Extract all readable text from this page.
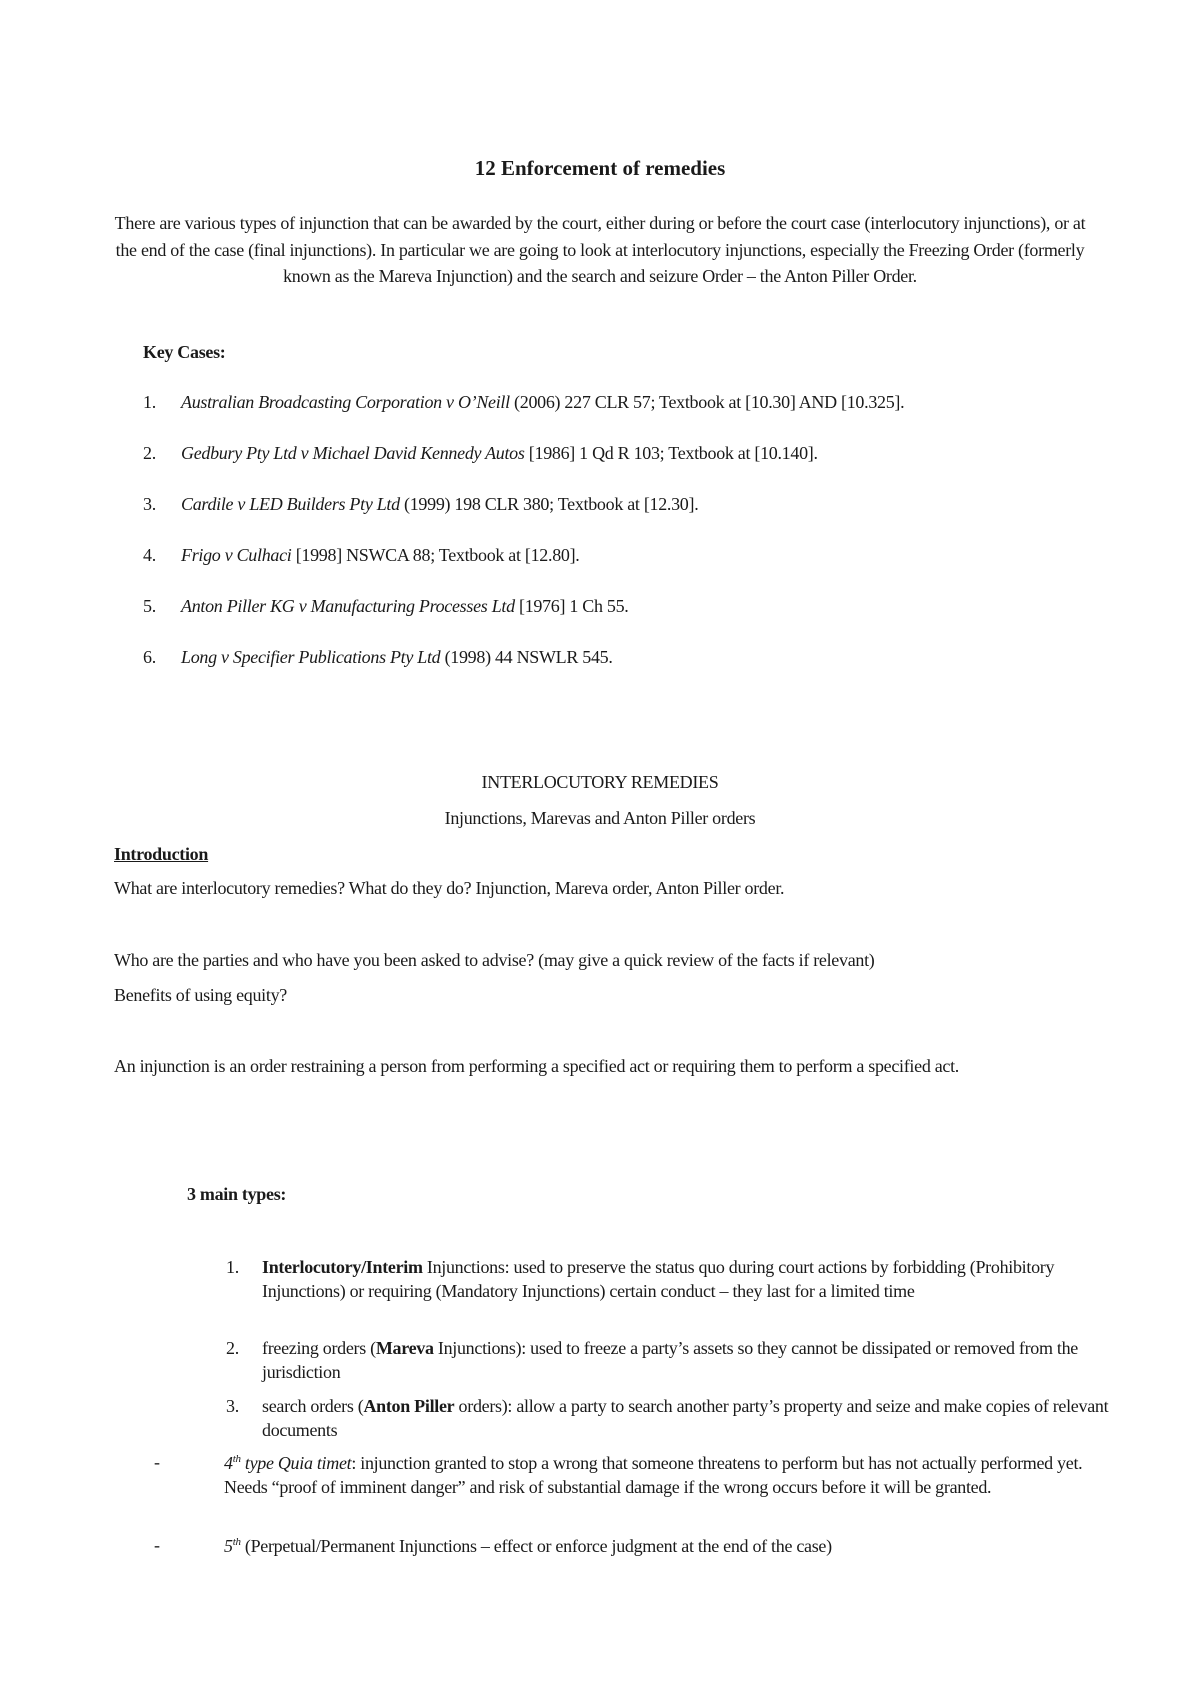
12 Enforcement of remedies
There are various types of injunction that can be awarded by the court, either during or before the court case (interlocutory injunctions), or at the end of the case (final injunctions). In particular we are going to look at interlocutory injunctions, especially the Freezing Order (formerly known as the Mareva Injunction) and the search and seizure Order – the Anton Piller Order.
Key Cases:
1. Australian Broadcasting Corporation v O’Neill (2006) 227 CLR 57; Textbook at [10.30] AND [10.325].
2. Gedbury Pty Ltd v Michael David Kennedy Autos [1986] 1 Qd R 103; Textbook at [10.140].
3. Cardile v LED Builders Pty Ltd (1999) 198 CLR 380; Textbook at [12.30].
4. Frigo v Culhaci [1998] NSWCA 88; Textbook at [12.80].
5. Anton Piller KG v Manufacturing Processes Ltd [1976] 1 Ch 55.
6. Long v Specifier Publications Pty Ltd (1998) 44 NSWLR 545.
INTERLOCUTORY REMEDIES
Injunctions, Marevas and Anton Piller orders
Introduction
What are interlocutory remedies? What do they do? Injunction, Mareva order, Anton Piller order.
Who are the parties and who have you been asked to advise? (may give a quick review of the facts if relevant)
Benefits of using equity?
An injunction is an order restraining a person from performing a specified act or requiring them to perform a specified act.
3 main types:
1. Interlocutory/Interim Injunctions: used to preserve the status quo during court actions by forbidding (Prohibitory Injunctions) or requiring (Mandatory Injunctions) certain conduct – they last for a limited time
2. freezing orders (Mareva Injunctions): used to freeze a party’s assets so they cannot be dissipated or removed from the jurisdiction
3. search orders (Anton Piller orders): allow a party to search another party’s property and seize and make copies of relevant documents
-	4th type Quia timet: injunction granted to stop a wrong that someone threatens to perform but has not actually performed yet. Needs “proof of imminent danger” and risk of substantial damage if the wrong occurs before it will be granted.
-	5th (Perpetual/Permanent Injunctions – effect or enforce judgment at the end of the case)
